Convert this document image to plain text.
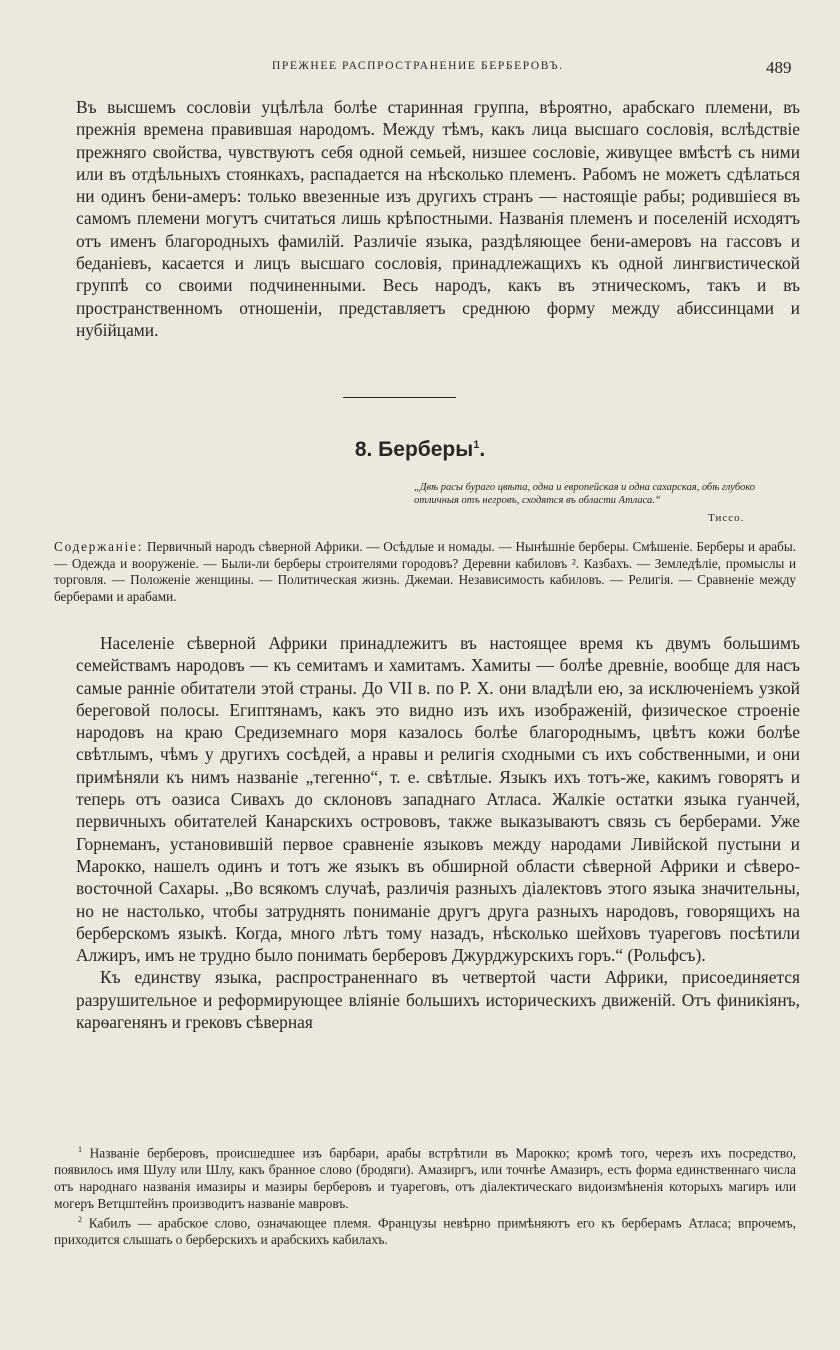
ПРЕЖНЕЕ РАСПРОСТРАНЕНИЕ БЕРБЕРОВЪ.	489

Въ высшемъ сословіи уцѣлѣла болѣе старинная группа, вѣроятно, арабскаго племени, въ прежнія времена правившая народомъ. Между тѣмъ, какъ лица высшаго сословія, вслѣдствіе прежняго свойства, чувствуютъ себя одной семьей, низшее сословіе, живущее вмѣстѣ съ ними или въ отдѣльныхъ стоянкахъ, распадается на нѣсколько племенъ. Рабомъ не можетъ сдѣлаться ни одинъ бени-амеръ: только ввезенные изъ другихъ странъ — настоящіе рабы; родившіеся въ самомъ племени могутъ считаться лишь крѣпостными. Названія племенъ и поселеній исходятъ отъ именъ благородныхъ фамилій. Различіе языка, раздѣляющее бени-амеровъ на гассовъ и беданіевъ, касается и лицъ высшаго сословія, принадлежащихъ къ одной лингвистической группѣ со своими подчиненными. Весь народъ, какъ въ этническомъ, такъ и въ пространственномъ отношеніи, представляетъ среднюю форму между абиссинцами и нубійцами.

8. Берберы$^1$.
„Двѣ расы бураго цвѣта, одна и европейская и одна сахарская, обѣ глубоко отличныя отъ негровъ, сходятся въ области Атласа.“
Тиссо.

Содержаніе: Первичный народъ сѣверной Африки. — Осѣдлые и номады. — Нынѣшніе берберы. Смѣшеніе. Берберы и арабы. — Одежда и вооруженіе. — Были-ли берберы строителями городовъ? Деревни кабиловъ ². Казбахъ. — Земледѣліе, промыслы и торговля. — Положеніе женщины. — Политическая жизнь. Джемаи. Независимость кабиловъ. — Религія. — Сравненіе между берберами и арабами.

Населеніе сѣверной Африки принадлежитъ въ настоящее время къ двумъ большимъ семействамъ народовъ — къ семитамъ и хамитамъ. Хамиты — болѣе древніе, вообще для насъ самые ранніе обитатели этой страны. До VII в. по Р. Х. они владѣли ею, за исключеніемъ узкой береговой полосы. Египтянамъ, какъ это видно изъ ихъ изображеній, физическое строеніе народовъ на краю Средиземнаго моря казалось болѣе благороднымъ, цвѣтъ кожи болѣе свѣтлымъ, чѣмъ у другихъ сосѣдей, а нравы и религія сходными съ ихъ собственными, и они примѣняли къ нимъ названіе „тегенно“, т. е. свѣтлые. Языкъ ихъ тотъ-же, какимъ говорятъ и теперь отъ оазиса Сивахъ до склоновъ западнаго Атласа. Жалкіе остатки языка гуанчей, первичныхъ обитателей Канарскихъ острововъ, также выказываютъ связь съ берберами. Уже Горнеманъ, установившій первое сравненіе языковъ между народами Ливійской пустыни и Марокко, нашелъ одинъ и тотъ же языкъ въ обширной области сѣверной Африки и сѣверо-восточной Сахары. „Во всякомъ случаѣ, различія разныхъ діалектовъ этого языка значительны, но не настолько, чтобы затруднять пониманіе другъ друга разныхъ народовъ, говорящихъ на берберскомъ языкѣ. Когда, много лѣтъ тому назадъ, нѣсколько шейховъ туареговъ посѣтили Алжиръ, имъ не трудно было понимать берберовъ Джурджурскихъ горъ.“ (Рольфсъ).

Къ единству языка, распространеннаго въ четвертой части Африки, присоединяется разрушительное и реформирующее вліяніе большихъ историческихъ движеній. Отъ финикіянъ, карѳагенянъ и грековъ сѣверная

$^1$ Названіе берберовъ, происшедшее изъ барбари, арабы встрѣтили въ Марокко; кромѣ того, черезъ ихъ посредство, появилось имя Шулу или Шлу, какъ бранное слово (бродяги). Амазиргъ, или точнѣе Амазиръ, есть форма единственнаго числа отъ народнаго названія имазиры и мазиры берберовъ и туареговъ, отъ діалектическаго видоизмѣненія которыхъ магиръ или могеръ Ветцштейнъ производитъ названіе мавровъ.

$^2$ Кабилъ — арабское слово, означающее племя. Французы невѣрно примѣняютъ его къ берберамъ Атласа; впрочемъ, приходится слышать о берберскихъ и арабскихъ кабилахъ.
